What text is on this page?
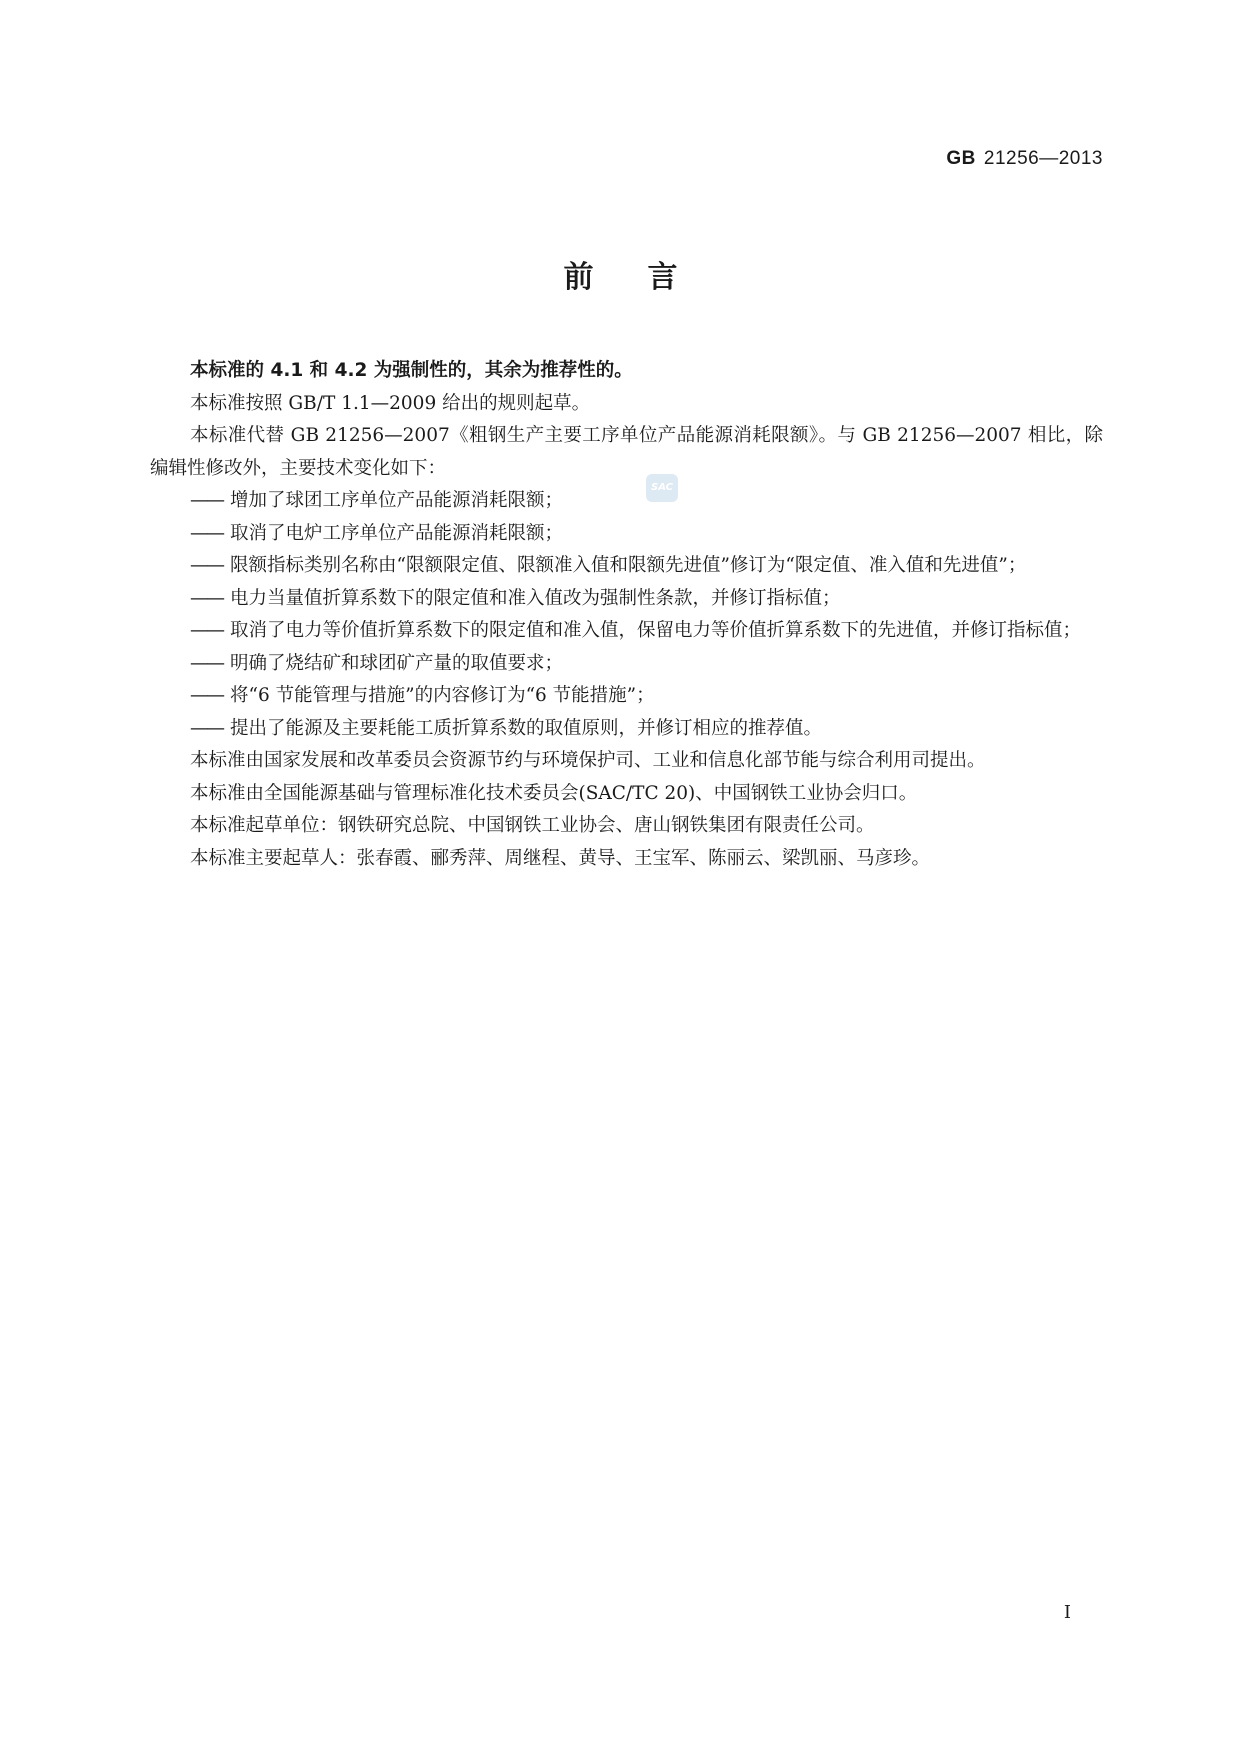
GB 21256—2013
前言
SAC

本标准的 4.1 和 4.2 为强制性的，其余为推荐性的。

本标准按照 GB/T 1.1—2009 给出的规则起草。

本标准代替 GB 21256—2007《粗钢生产主要工序单位产品能源消耗限额》。与 GB 21256—2007 相比，除编辑性修改外，主要技术变化如下：

—— 增加了球团工序单位产品能源消耗限额；

—— 取消了电炉工序单位产品能源消耗限额；

—— 限额指标类别名称由“限额限定值、限额准入值和限额先进值”修订为“限定值、准入值和先进值”；

—— 电力当量值折算系数下的限定值和准入值改为强制性条款，并修订指标值；

—— 取消了电力等价值折算系数下的限定值和准入值，保留电力等价值折算系数下的先进值，并修订指标值；

—— 明确了烧结矿和球团矿产量的取值要求；

—— 将“6 节能管理与措施”的内容修订为“6 节能措施”；

—— 提出了能源及主要耗能工质折算系数的取值原则，并修订相应的推荐值。

本标准由国家发展和改革委员会资源节约与环境保护司、工业和信息化部节能与综合利用司提出。

本标准由全国能源基础与管理标准化技术委员会(SAC/TC 20)、中国钢铁工业协会归口。

本标准起草单位：钢铁研究总院、中国钢铁工业协会、唐山钢铁集团有限责任公司。

本标准主要起草人：张春霞、郦秀萍、周继程、黄导、王宝军、陈丽云、梁凯丽、马彦珍。

I
